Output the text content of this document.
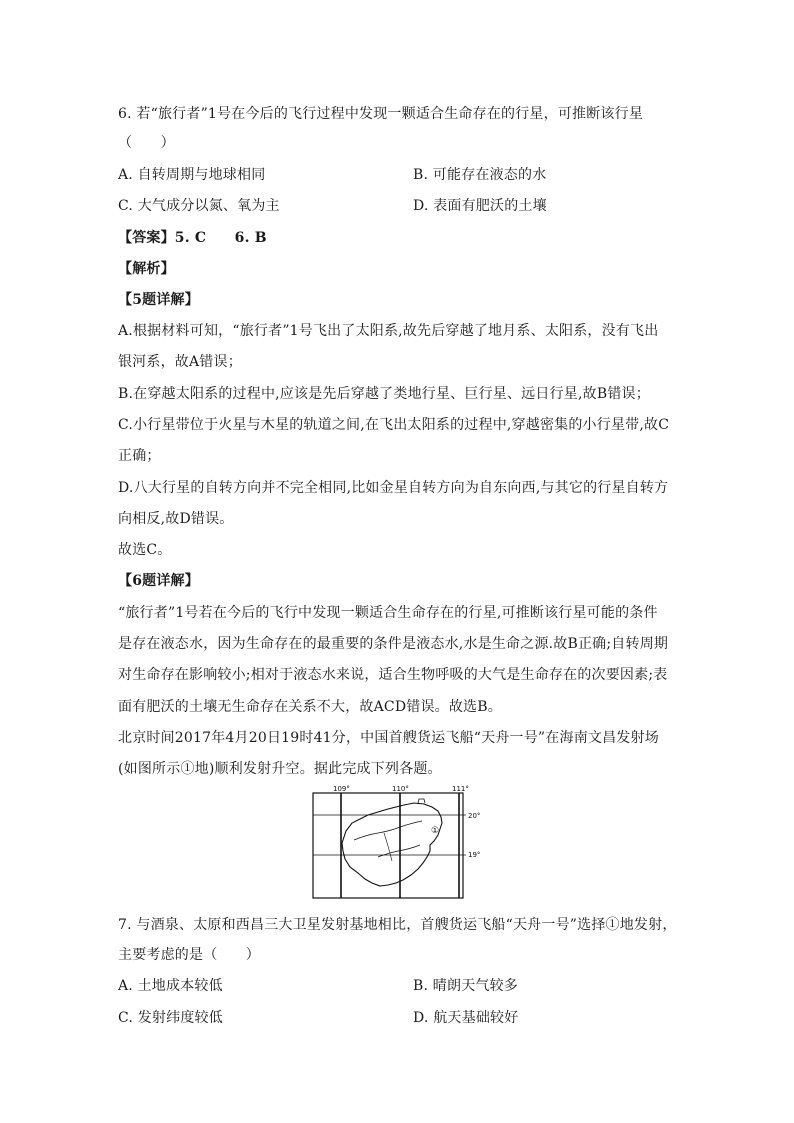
6. 若“旅行者”1号在今后的飞行过程中发现一颗适合生命存在的行星，可推断该行星
（　　）
A. 自转周期与地球相同	B. 可能存在液态的水
C. 大气成分以氮、氧为主	D. 表面有肥沃的土壤
【答案】5. C　　6. B
【解析】
【5题详解】
A.根据材料可知，“旅行者”1号飞出了太阳系,故先后穿越了地月系、太阳系，没有飞出
银河系，故A错误；
B.在穿越太阳系的过程中,应该是先后穿越了类地行星、巨行星、远日行星,故B错误；
C.小行星带位于火星与木星的轨道之间,在飞出太阳系的过程中,穿越密集的小行星带,故C
正确；
D.八大行星的自转方向并不完全相同,比如金星自转方向为自东向西,与其它的行星自转方
向相反,故D错误。
故选C。
【6题详解】
“旅行者”1号若在今后的飞行中发现一颗适合生命存在的行星,可推断该行星可能的条件
是存在液态水，因为生命存在的最重要的条件是液态水,水是生命之源.故B正确;自转周期
对生命存在影响较小;相对于液态水来说，适合生物呼吸的大气是生命存在的次要因素;表
面有肥沃的土壤无生命存在关系不大，故ACD错误。故选B。
北京时间2017年4月20日19时41分，中国首艘货运飞船“天舟一号”在海南文昌发射场
(如图所示①地)顺利发射升空。据此完成下列各题。
109°	110°	111°
20°
19°
①
7. 与酒泉、太原和西昌三大卫星发射基地相比，首艘货运飞船“天舟一号”选择①地发射，
主要考虑的是（　　）
A. 土地成本较低	B. 晴朗天气较多
C. 发射纬度较低	D. 航天基础较好
